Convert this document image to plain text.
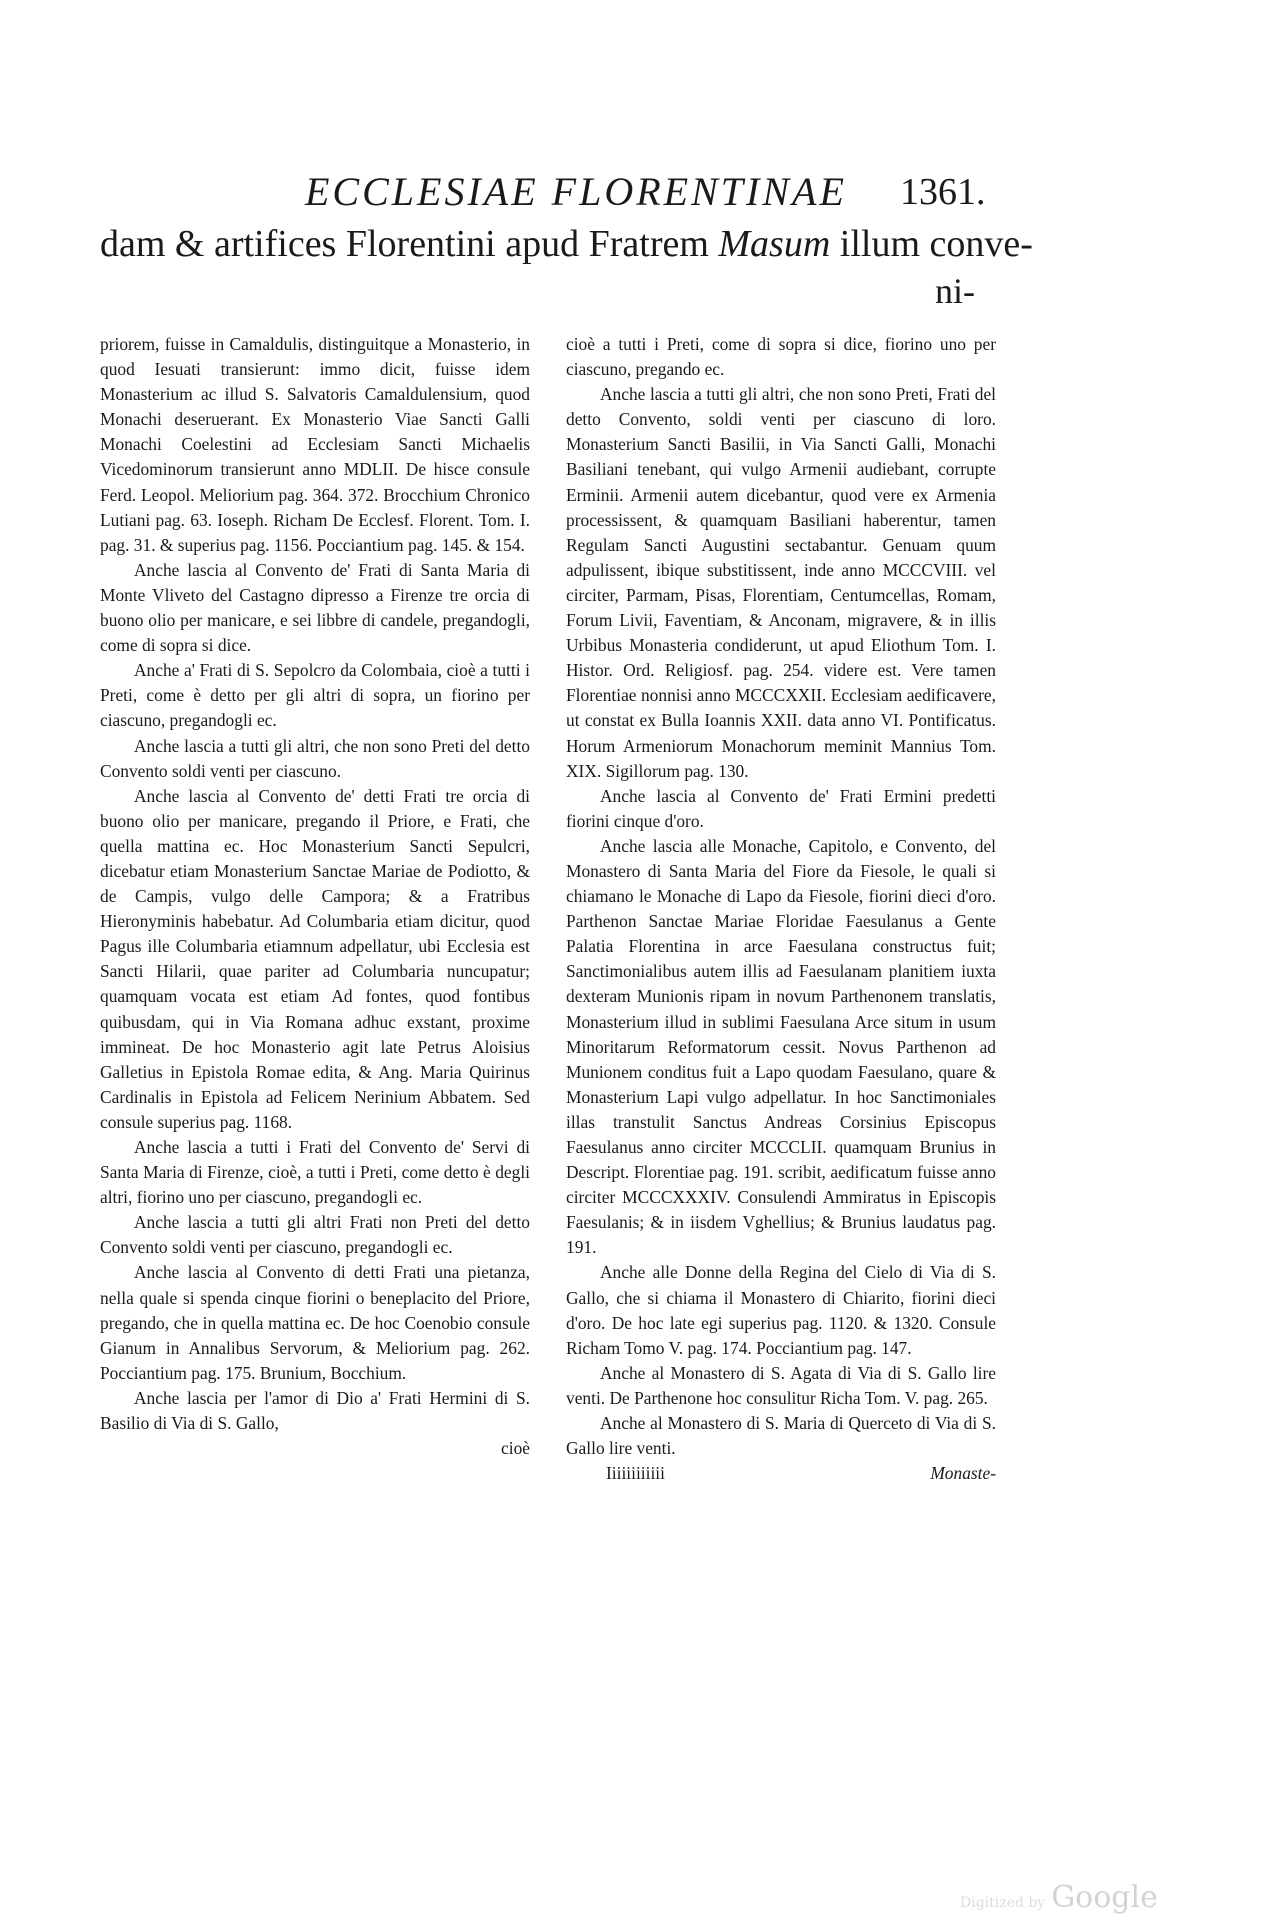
ECCLESIAE FLORENTINAE 1361.
dam & artifices Florentini apud Fratrem Masum illum conve-
ni-

priorem, fuisse in Camaldulis, distinguitque a Monasterio, in quod Iesuati transierunt: immo dicit, fuisse idem Monasterium ac illud S. Salvatoris Camaldulensium, quod Monachi deseruerant. Ex Monasterio Viae Sancti Galli Monachi Coelestini ad Ecclesiam Sancti Michaelis Vicedominorum transierunt anno MDLII. De hisce consule Ferd. Leopol. Meliorium pag. 364. 372. Brocchium Chronico Lutiani pag. 63. Ioseph. Richam De Ecclesf. Florent. Tom. I. pag. 31. & superius pag. 1156. Pocciantium pag. 145. & 154.

Anche lascia al Convento de' Frati di Santa Maria di Monte Vliveto del Castagno dipresso a Firenze tre orcia di buono olio per manicare, e sei libbre di candele, pregandogli, come di sopra si dice.

Anche a' Frati di S. Sepolcro da Colombaia, cioè a tutti i Preti, come è detto per gli altri di sopra, un fiorino per ciascuno, pregandogli ec.

Anche lascia a tutti gli altri, che non sono Preti del detto Convento soldi venti per ciascuno.

Anche lascia al Convento de' detti Frati tre orcia di buono olio per manicare, pregando il Priore, e Frati, che quella mattina ec. Hoc Monasterium Sancti Sepulcri, dicebatur etiam Monasterium Sanctae Mariae de Podiotto, & de Campis, vulgo delle Campora; & a Fratribus Hieronyminis habebatur. Ad Columbaria etiam dicitur, quod Pagus ille Columbaria etiamnum adpellatur, ubi Ecclesia est Sancti Hilarii, quae pariter ad Columbaria nuncupatur; quamquam vocata est etiam Ad fontes, quod fontibus quibusdam, qui in Via Romana adhuc exstant, proxime immineat. De hoc Monasterio agit late Petrus Aloisius Galletius in Epistola Romae edita, & Ang. Maria Quirinus Cardinalis in Epistola ad Felicem Nerinium Abbatem. Sed consule superius pag. 1168.

Anche lascia a tutti i Frati del Convento de' Servi di Santa Maria di Firenze, cioè, a tutti i Preti, come detto è degli altri, fiorino uno per ciascuno, pregandogli ec.

Anche lascia a tutti gli altri Frati non Preti del detto Convento soldi venti per ciascuno, pregandogli ec.

Anche lascia al Convento di detti Frati una pietanza, nella quale si spenda cinque fiorini o beneplacito del Priore, pregando, che in quella mattina ec. De hoc Coenobio consule Gianum in Annalibus Servorum, & Meliorium pag. 262. Pocciantium pag. 175. Brunium, Bocchium.

Anche lascia per l'amor di Dio a' Frati Hermini di S. Basilio di Via di S. Gallo,

cioè

cioè a tutti i Preti, come di sopra si dice, fiorino uno per ciascuno, pregando ec.

Anche lascia a tutti gli altri, che non sono Preti, Frati del detto Convento, soldi venti per ciascuno di loro. Monasterium Sancti Basilii, in Via Sancti Galli, Monachi Basiliani tenebant, qui vulgo Armenii audiebant, corrupte Erminii. Armenii autem dicebantur, quod vere ex Armenia processissent, & quamquam Basiliani haberentur, tamen Regulam Sancti Augustini sectabantur. Genuam quum adpulissent, ibique substitissent, inde anno MCCCVIII. vel circiter, Parmam, Pisas, Florentiam, Centumcellas, Romam, Forum Livii, Faventiam, & Anconam, migravere, & in illis Urbibus Monasteria condiderunt, ut apud Eliothum Tom. I. Histor. Ord. Religiosf. pag. 254. videre est. Vere tamen Florentiae nonnisi anno MCCCXXII. Ecclesiam aedificavere, ut constat ex Bulla Ioannis XXII. data anno VI. Pontificatus. Horum Armeniorum Monachorum meminit Mannius Tom. XIX. Sigillorum pag. 130.

Anche lascia al Convento de' Frati Ermini predetti fiorini cinque d'oro.

Anche lascia alle Monache, Capitolo, e Convento, del Monastero di Santa Maria del Fiore da Fiesole, le quali si chiamano le Monache di Lapo da Fiesole, fiorini dieci d'oro. Parthenon Sanctae Mariae Floridae Faesulanus a Gente Palatia Florentina in arce Faesulana constructus fuit; Sanctimonialibus autem illis ad Faesulanam planitiem iuxta dexteram Munionis ripam in novum Parthenonem translatis, Monasterium illud in sublimi Faesulana Arce situm in usum Minoritarum Reformatorum cessit. Novus Parthenon ad Munionem conditus fuit a Lapo quodam Faesulano, quare & Monasterium Lapi vulgo adpellatur. In hoc Sanctimoniales illas transtulit Sanctus Andreas Corsinius Episcopus Faesulanus anno circiter MCCCLII. quamquam Brunius in Descript. Florentiae pag. 191. scribit, aedificatum fuisse anno circiter MCCCXXXIV. Consulendi Ammiratus in Episcopis Faesulanis; & in iisdem Vghellius; & Brunius laudatus pag. 191.

Anche alle Donne della Regina del Cielo di Via di S. Gallo, che si chiama il Monastero di Chiarito, fiorini dieci d'oro. De hoc late egi superius pag. 1120. & 1320. Consule Richam Tomo V. pag. 174. Pocciantium pag. 147.

Anche al Monastero di S. Agata di Via di S. Gallo lire venti. De Parthenone hoc consulitur Richa Tom. V. pag. 265.

Anche al Monastero di S. Maria di Querceto di Via di S. Gallo lire venti.

Iiiiiiiiiiii	Monaste-
Digitized by Google
